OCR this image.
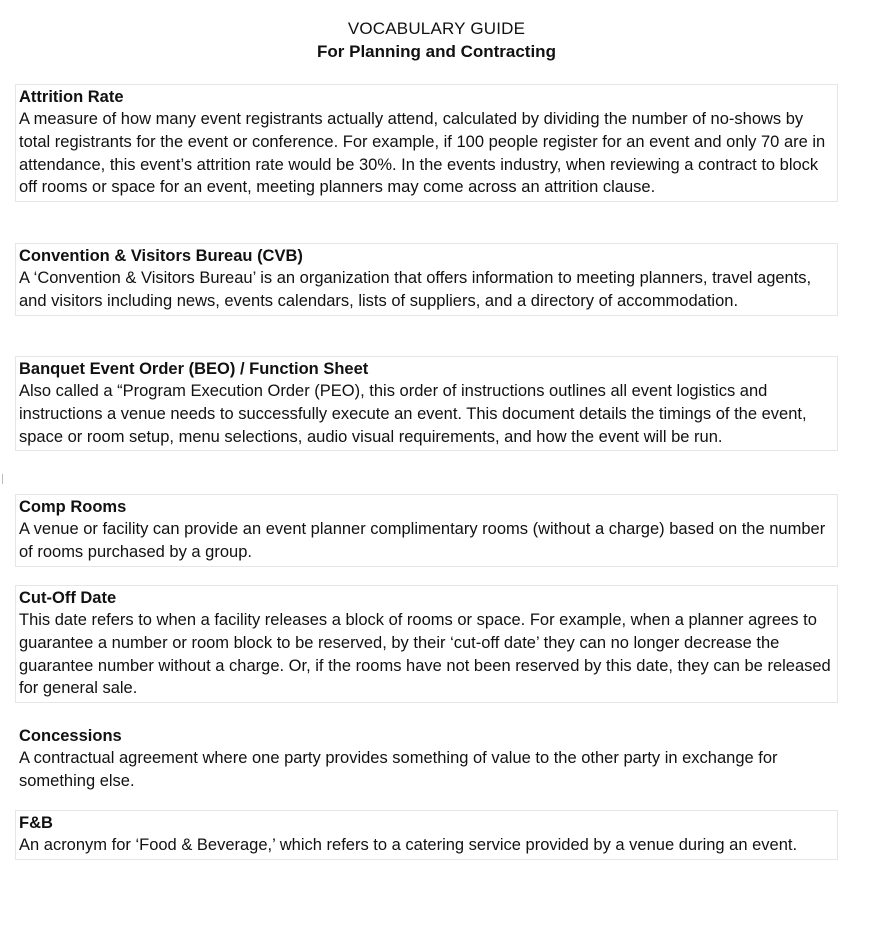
VOCABULARY GUIDE
For Planning and Contracting
Attrition Rate

A measure of how many event registrants actually attend, calculated by dividing the number of no-shows by total registrants for the event or conference. For example, if 100 people register for an event and only 70 are in attendance, this event’s attrition rate would be 30%. In the events industry, when reviewing a contract to block off rooms or space for an event, meeting planners may come across an attrition clause.

Convention & Visitors Bureau (CVB)

A ‘Convention & Visitors Bureau’ is an organization that offers information to meeting planners, travel agents, and visitors including news, events calendars, lists of suppliers, and a directory of accommodation.

Banquet Event Order (BEO) / Function Sheet

Also called a “Program Execution Order (PEO), this order of instructions outlines all event logistics and instructions a venue needs to successfully execute an event. This document details the timings of the event, space or room setup, menu selections, audio visual requirements, and how the event will be run.

Comp Rooms

A venue or facility can provide an event planner complimentary rooms (without a charge) based on the number of rooms purchased by a group.

Cut-Off Date

This date refers to when a facility releases a block of rooms or space. For example, when a planner agrees to guarantee a number or room block to be reserved, by their ‘cut-off date’ they can no longer decrease the guarantee number without a charge. Or, if the rooms have not been reserved by this date, they can be released for general sale.

Concessions

A contractual agreement where one party provides something of value to the other party in exchange for something else.

F&B

An acronym for ‘Food & Beverage,’ which refers to a catering service provided by a venue during an event.
